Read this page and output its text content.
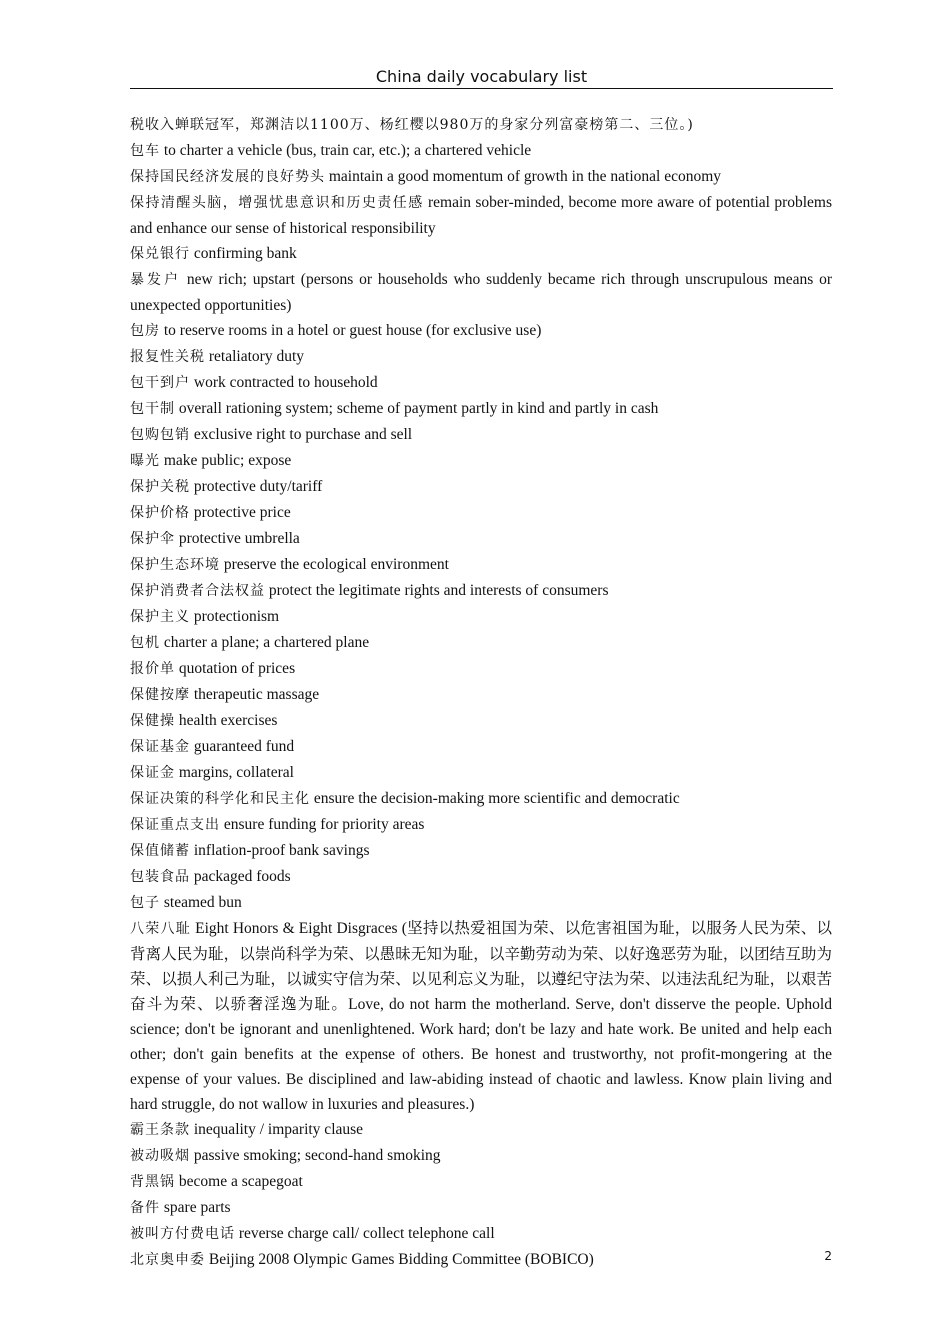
China daily vocabulary list

税收入蝉联冠军，郑渊洁以1100万、杨红樱以980万的身家分列富豪榜第二、三位。)

包车 to charter a vehicle (bus, train car, etc.); a chartered vehicle

保持国民经济发展的良好势头 maintain a good momentum of growth in the national economy

保持清醒头脑，增强忧患意识和历史责任感 remain sober-minded, become more aware of potential problems and enhance our sense of historical responsibility

保兑银行 confirming bank

暴发户 new rich; upstart (persons or households who suddenly became rich through unscrupulous means or unexpected opportunities)

包房 to reserve rooms in a hotel or guest house (for exclusive use)

报复性关税 retaliatory duty

包干到户 work contracted to household

包干制 overall rationing system; scheme of payment partly in kind and partly in cash

包购包销 exclusive right to purchase and sell

曝光 make public; expose

保护关税 protective duty/tariff

保护价格 protective price

保护伞 protective umbrella

保护生态环境 preserve the ecological environment

保护消费者合法权益 protect the legitimate rights and interests of consumers

保护主义 protectionism

包机 charter a plane; a chartered plane

报价单 quotation of prices

保健按摩 therapeutic massage

保健操 health exercises

保证基金 guaranteed fund

保证金 margins, collateral

保证决策的科学化和民主化 ensure the decision-making more scientific and democratic

保证重点支出 ensure funding for priority areas

保值储蓄 inflation-proof bank savings

包装食品 packaged foods

包子 steamed bun

八荣八耻 Eight Honors & Eight Disgraces (坚持以热爱祖国为荣、以危害祖国为耻，以服务人民为荣、以背离人民为耻，以崇尚科学为荣、以愚昧无知为耻，以辛勤劳动为荣、以好逸恶劳为耻，以团结互助为荣、以损人利己为耻，以诚实守信为荣、以见利忘义为耻，以遵纪守法为荣、以违法乱纪为耻，以艰苦奋斗为荣、以骄奢淫逸为耻。Love, do not harm the motherland. Serve, don't disserve the people. Uphold science; don't be ignorant and unenlightened. Work hard; don't be lazy and hate work. Be united and help each other; don't gain benefits at the expense of others. Be honest and trustworthy, not profit-mongering at the expense of your values. Be disciplined and law-abiding instead of chaotic and lawless. Know plain living and hard struggle, do not wallow in luxuries and pleasures.)

霸王条款 inequality / imparity clause

被动吸烟 passive smoking; second-hand smoking

背黑锅 become a scapegoat

备件 spare parts

被叫方付费电话 reverse charge call/ collect telephone call

北京奥申委 Beijing 2008 Olympic Games Bidding Committee (BOBICO)	2
